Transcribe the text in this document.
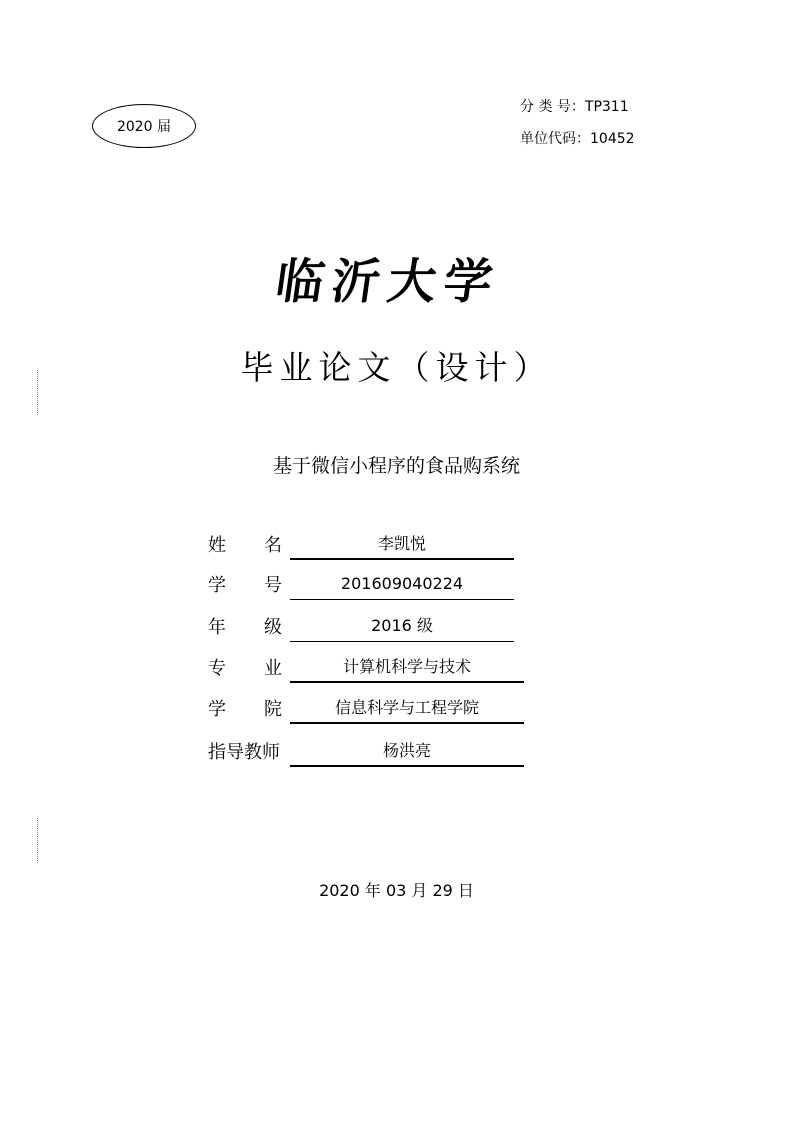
2020 届
分 类 号：TP311
单位代码：10452
临沂大学
毕业论文（设计）
基于微信小程序的食品购系统
姓 名	李凯悦
学 号	201609040224
年 级	2016 级
专 业	计算机科学与技术
学 院	信息科学与工程学院
指导教师	杨洪亮
2020 年 03 月 29 日
